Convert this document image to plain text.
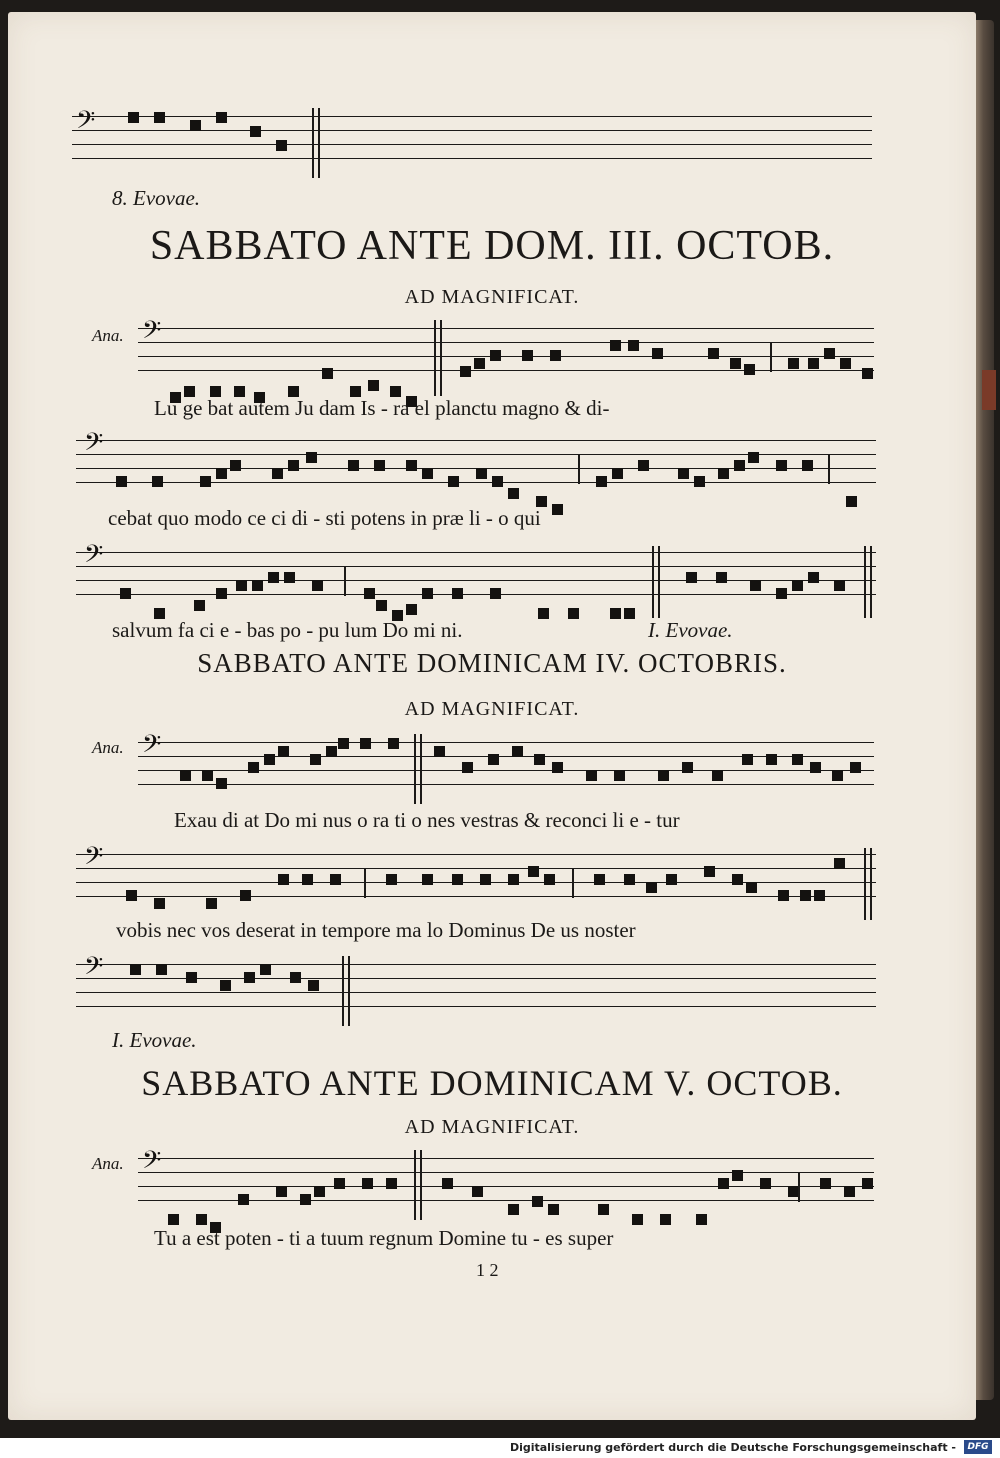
𝄢
8. Evovae.
SABBATO ANTE DOM. III. OCTOB.
AD MAGNIFICAT.
Ana. 𝄢
Lu ge bat autem Ju dam Is - ra el planctu magno & di-
𝄢
cebat quo modo ce ci di - sti potens in præ li - o qui
𝄢
salvum fa ci e - bas po - pu lum Do mi ni.	I. Evovae.
SABBATO ANTE DOMINICAM IV. OCTOBRIS.
AD MAGNIFICAT.
Ana. 𝄢
Exau di at Do mi nus o ra ti o nes vestras & reconci li e - tur
𝄢
vobis nec vos deserat in tempore ma lo Dominus De us noster
𝄢
I. Evovae.
SABBATO ANTE DOMINICAM V. OCTOB.
AD MAGNIFICAT.
Ana. 𝄢
Tu a est poten - ti a tuum regnum Domine tu - es super
1 2
Digitalisierung gefördert durch die Deutsche Forschungsgemeinschaft -	DFG
